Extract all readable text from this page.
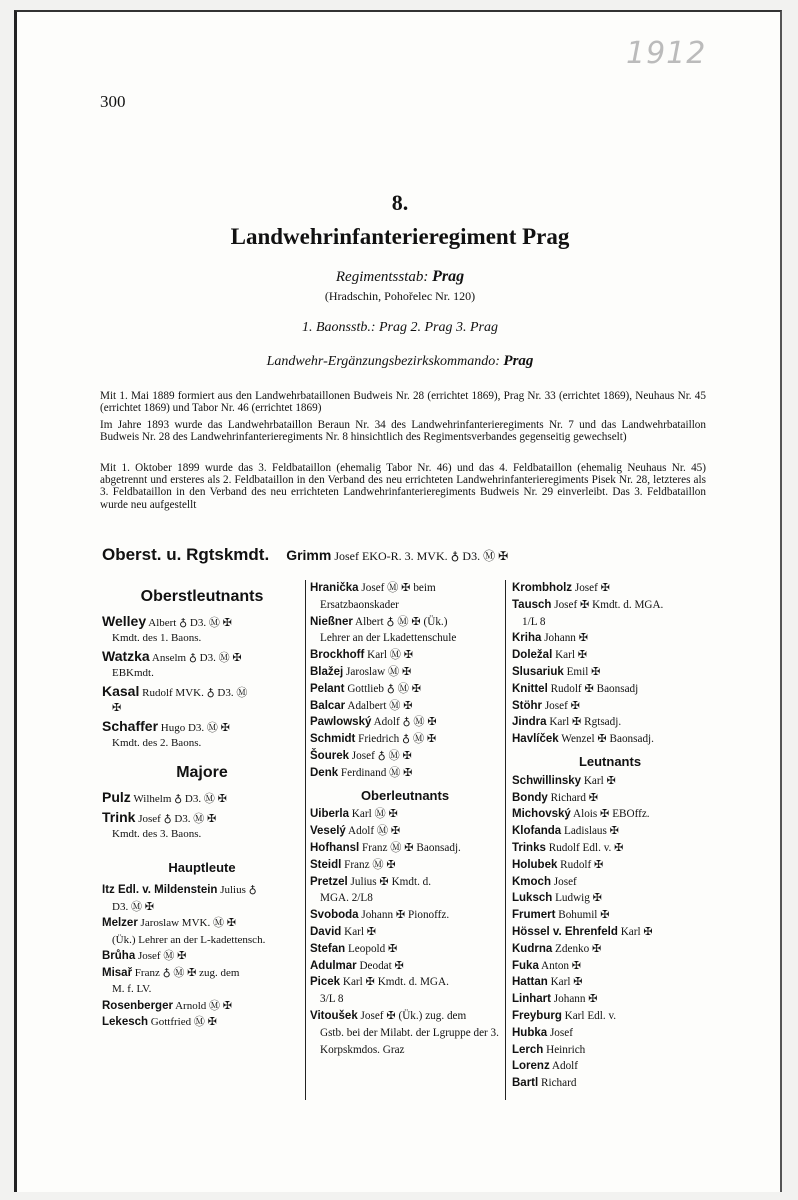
1912
300
8.
Landwehrinfanterieregiment Prag
Regimentsstab: Prag
(Hradschin, Pohořelec Nr. 120)
1. Baonsstb.: Prag 2. Prag 3. Prag
Landwehr-Ergänzungsbezirkskommando: Prag
Mit 1. Mai 1889 formiert aus den Landwehrbataillonen Budweis Nr. 28 (errichtet 1869), Prag Nr. 33 (errichtet 1869), Neuhaus Nr. 45 (errichtet 1869) und Tabor Nr. 46 (errichtet 1869)
Im Jahre 1893 wurde das Landwehrbataillon Beraun Nr. 34 des Landwehrinfanterieregiments Nr. 7 und das Landwehrbataillon Budweis Nr. 28 des Landwehrinfanterieregiments Nr. 8 hinsichtlich des Regimentsverbandes gegenseitig gewechselt)
Mit 1. Oktober 1899 wurde das 3. Feldbataillon (ehemalig Tabor Nr. 46) und das 4. Feldbataillon (ehemalig Neuhaus Nr. 45) abgetrennt und ersteres als 2. Feldbataillon in den Verband des neu errichteten Landwehrinfanterieregiments Pisek Nr. 28, letzteres als 3. Feldbataillon in den Verband des neu errichteten Landwehrinfanterieregiments Budweis Nr. 29 einverleibt. Das 3. Feldbataillon wurde neu aufgestellt
Oberst. u. Rgtskmdt. Grimm Josef EKO-R. 3. MVK. ♁ D3. Ⓜ ✠
Oberstleutnants
Welley Albert ♁ D3. Ⓜ ✠
Kmdt. des 1. Baons.
Watzka Anselm ♁ D3. Ⓜ ✠
EBKmdt.
Kasal Rudolf MVK. ♁ D3. Ⓜ
✠
Schaffer Hugo D3. Ⓜ ✠
Kmdt. des 2. Baons.
Majore
Pulz Wilhelm ♁ D3. Ⓜ ✠
Trink Josef ♁ D3. Ⓜ ✠
Kmdt. des 3. Baons.
Hauptleute
Itz Edl. v. Mildenstein Julius ♁
D3. Ⓜ ✠
Melzer Jaroslaw MVK. Ⓜ ✠
(Ük.) Lehrer an der L-kadettensch.
Brůha Josef Ⓜ ✠
Misař Franz ♁ Ⓜ ✠ zug. dem
M. f. LV.
Rosenberger Arnold Ⓜ ✠
Lekesch Gottfried Ⓜ ✠
Hranička Josef Ⓜ ✠ beim
Ersatzbaonskader
Nießner Albert ♁ Ⓜ ✠ (Ük.)
Lehrer an der Lkadettenschule
Brockhoff Karl Ⓜ ✠
Blažej Jaroslaw Ⓜ ✠
Pelant Gottlieb ♁ Ⓜ ✠
Balcar Adalbert Ⓜ ✠
Pawlowský Adolf ♁ Ⓜ ✠
Schmidt Friedrich ♁ Ⓜ ✠
Šourek Josef ♁ Ⓜ ✠
Denk Ferdinand Ⓜ ✠
Oberleutnants
Uiberla Karl Ⓜ ✠
Veselý Adolf Ⓜ ✠
Hofhansl Franz Ⓜ ✠ Baonsadj.
Steidl Franz Ⓜ ✠
Pretzel Julius ✠ Kmdt. d.
MGA. 2/L8
Svoboda Johann ✠ Pionoffz.
David Karl ✠
Stefan Leopold ✠
Adulmar Deodat ✠
Picek Karl ✠ Kmdt. d. MGA.
3/L 8
Vitoušek Josef ✠ (Ük.) zug. dem
Gstb. bei der Milabt. der Lgruppe der 3. Korpskmdos. Graz
Krombholz Josef ✠
Tausch Josef ✠ Kmdt. d. MGA.
1/L 8
Kriha Johann ✠
Doležal Karl ✠
Slusariuk Emil ✠
Knittel Rudolf ✠ Baonsadj
Stöhr Josef ✠
Jindra Karl ✠ Rgtsadj.
Havlíček Wenzel ✠ Baonsadj.
Leutnants
Schwillinsky Karl ✠
Bondy Richard ✠
Michovský Alois ✠ EBOffz.
Klofanda Ladislaus ✠
Trinks Rudolf Edl. v. ✠
Holubek Rudolf ✠
Kmoch Josef
Luksch Ludwig ✠
Frumert Bohumil ✠
Hössel v. Ehrenfeld Karl ✠
Kudrna Zdenko ✠
Fuka Anton ✠
Hattan Karl ✠
Linhart Johann ✠
Freyburg Karl Edl. v.
Hubka Josef
Lerch Heinrich
Lorenz Adolf
Bartl Richard
